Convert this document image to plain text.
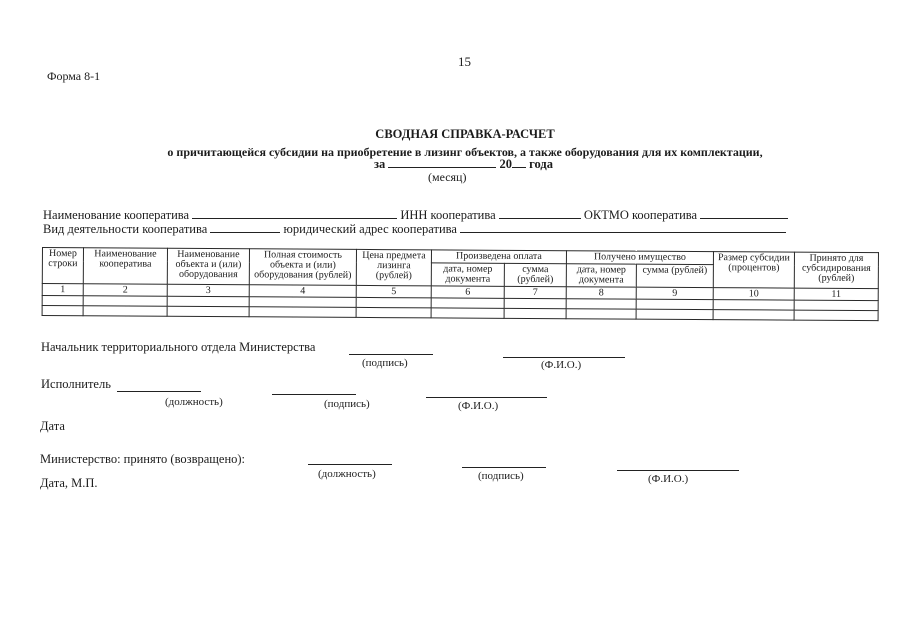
15
Форма 8-1
СВОДНАЯ СПРАВКА-РАСЧЕТ
о причитающейся субсидии на приобретение в лизинг объектов, а также оборудования для их комплектации,
за	20 года
(месяц)
Наименование кооператива	ИНН кооператива	ОКТМО кооператива
Вид деятельности кооператива	юридический адрес кооператива
Номер строки	Наименование кооператива	Наименование объекта и (или) оборудования	Полная стоимость объекта и (или) оборудования (рублей)	Цена предмета лизинга (рублей)	Произведена оплата		Получено имущество		Размер субсидии (процентов)	Принято для субсидирования (рублей)
					дата, номер документа	сумма (рублей)	дата, номер документа	сумма (рублей)		
1	2	3	4	5	6	7	8	9	10	11

Начальник территориального отдела Министерства
(подпись)	(Ф.И.О.)
Исполнитель
(должность)	(подпись)	(Ф.И.О.)
Дата
Министерство: принято (возвращено):
(должность)	(подпись)	(Ф.И.О.)
Дата, М.П.
